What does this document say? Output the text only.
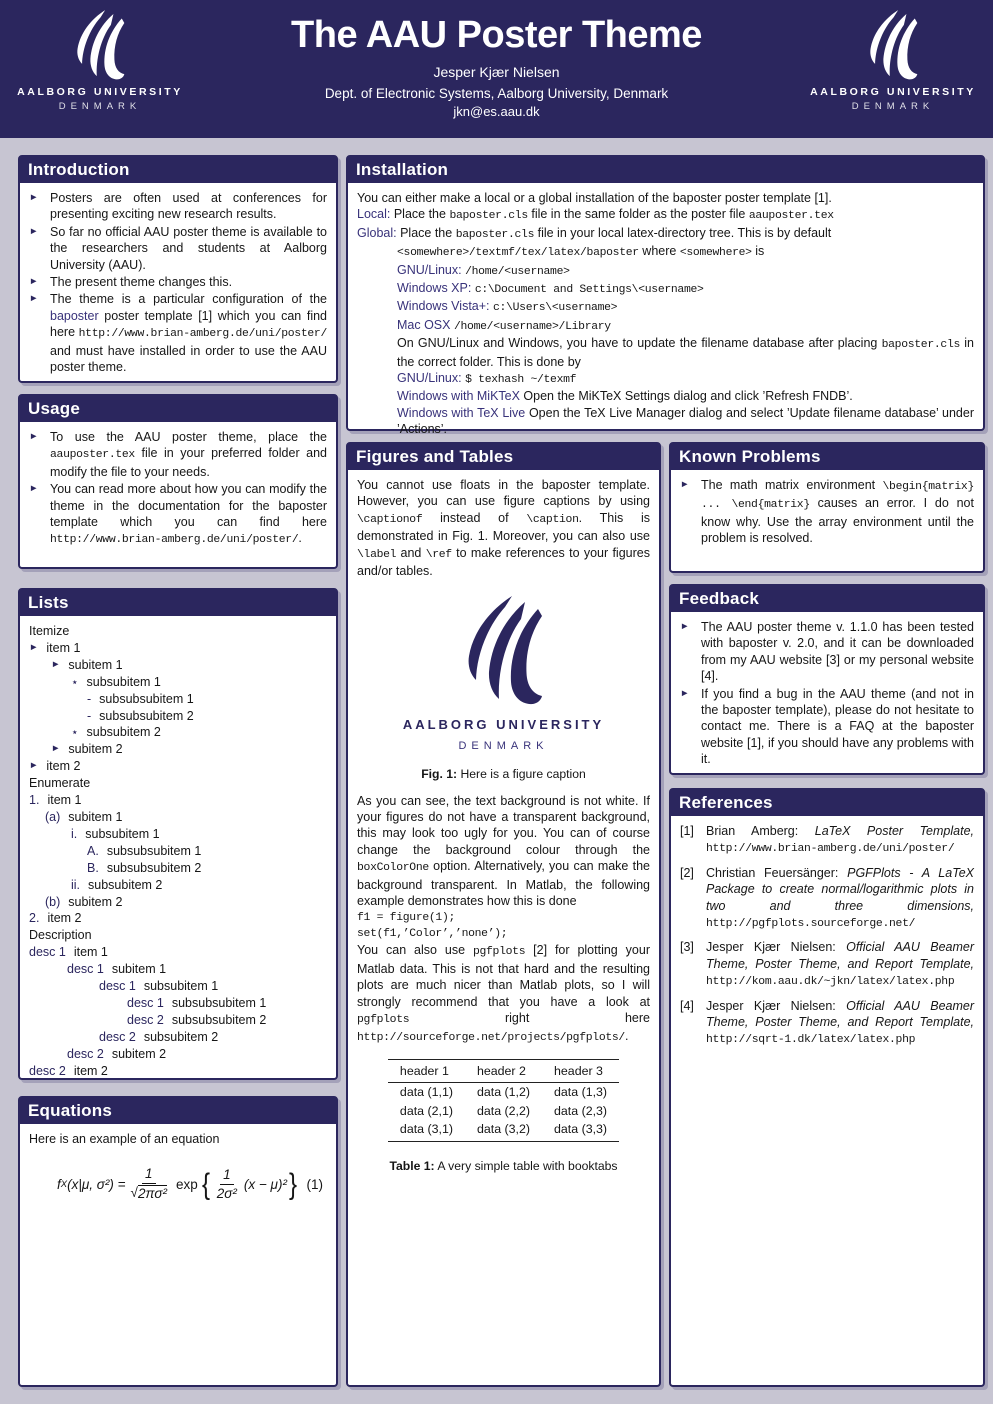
AALBORG UNIVERSITY
DENMARK
The AAU Poster Theme
Jesper Kjær Nielsen
Dept. of Electronic Systems, Aalborg University, Denmark
jkn@es.aau.dk
AALBORG UNIVERSITY
DENMARK
Introduction
► Posters are often used at conferences for presenting exciting new research results.
► So far no official AAU poster theme is available to the researchers and students at Aalborg University (AAU).
► The present theme changes this.
► The theme is a particular configuration of the baposter poster template [1] which you can find here http://www.brian-amberg.de/uni/poster/ and must have installed in order to use the AAU poster theme.
Usage
► To use the AAU poster theme, place the aauposter.tex file in your preferred folder and modify the file to your needs.
► You can read more about how you can modify the theme in the documentation for the baposter template which you can find here http://www.brian-amberg.de/uni/poster/.
Lists
Itemize
► item 1
► subitem 1
⋆ subsubitem 1
- subsubsubitem 1
- subsubsubitem 2
⋆ subsubitem 2
► subitem 2
► item 2
Enumerate
1. item 1
(a) subitem 1
i. subsubitem 1
A. subsubsubitem 1
B. subsubsubitem 2
ii. subsubitem 2
(b) subitem 2
2. item 2
Description
desc 1 item 1
desc 1 subitem 1
desc 1 subsubitem 1
desc 1 subsubsubitem 1
desc 2 subsubsubitem 2
desc 2 subsubitem 2
desc 2 subitem 2
desc 2 item 2
Equations
Here is an example of an equation
f X (x|μ, $\sigma^2) = \frac{1}{\text{√ 2πσ²}}$ exp { $\frac{1}{\text{2σ²}} (x - \mu)^2$ } (1)
Installation
You can either make a local or a global installation of the baposter poster template [1].
Local: Place the baposter.cls file in the same folder as the poster file aauposter.tex
Global: Place the baposter.cls file in your local latex-directory tree. This is by default
<somewhere>/textmf/tex/latex/baposter where <somewhere> is
GNU/Linux: /home/<username>
Windows XP: c:\Document and Settings\<username>
Windows Vista+: c:\Users\<username>
Mac OSX /home/<username>/Library
On GNU/Linux and Windows, you have to update the filename database after placing baposter.cls in the correct folder. This is done by
GNU/Linux: $ texhash ~/texmf
Windows with MiKTeX Open the MiKTeX Settings dialog and click ’Refresh FNDB’.
Windows with TeX Live Open the TeX Live Manager dialog and select ’Update filename database’ under ’Actions’.
Figures and Tables
You cannot use floats in the baposter template. However, you can use figure captions by using \captionof instead of \caption. This is demonstrated in Fig. 1. Moreover, you can also use \label and \ref to make references to your figures and/or tables.
AALBORG UNIVERSITY
DENMARK
Fig. 1: Here is a figure caption
As you can see, the text background is not white. If your figures do not have a transparent background, this may look too ugly for you. You can of course change the background colour through the boxColorOne option. Alternatively, you can make the background transparent. In Matlab, the following example demonstrates how this is done
f1 = figure(1);
set(f1,’Color’,’none’);
You can also use pgfplots [2] for plotting your Matlab data. This is not that hard and the resulting plots are much nicer than Matlab plots, so I will strongly recommend that you have a look at pgfplots right here http://sourceforge.net/projects/pgfplots/.
header 1	header 2	header 3
data (1,1)	data (1,2)	data (1,3)
data (2,1)	data (2,2)	data (2,3)
data (3,1)	data (3,2)	data (3,3)
Table 1: A very simple table with booktabs
Known Problems
► The math matrix environment \begin{matrix} ... \end{matrix} causes an error. I do not know why. Use the array environment until the problem is resolved.
Feedback
► The AAU poster theme v. 1.1.0 has been tested with baposter v. 2.0, and it can be downloaded from my AAU website [3] or my personal website [4].
► If you find a bug in the AAU theme (and not in the baposter template), please do not hesitate to contact me. There is a FAQ at the baposter website [1], if you should have any problems with it.
References
[1] Brian Amberg: LaTeX Poster Template, http://www.brian-amberg.de/uni/poster/
[2] Christian Feuersänger: PGFPlots - A LaTeX Package to create normal/logarithmic plots in two and three dimensions, http://pgfplots.sourceforge.net/
[3] Jesper Kjær Nielsen: Official AAU Beamer Theme, Poster Theme, and Report Template, http://kom.aau.dk/~jkn/latex/latex.php
[4] Jesper Kjær Nielsen: Official AAU Beamer Theme, Poster Theme, and Report Template, http://sqrt-1.dk/latex/latex.php
